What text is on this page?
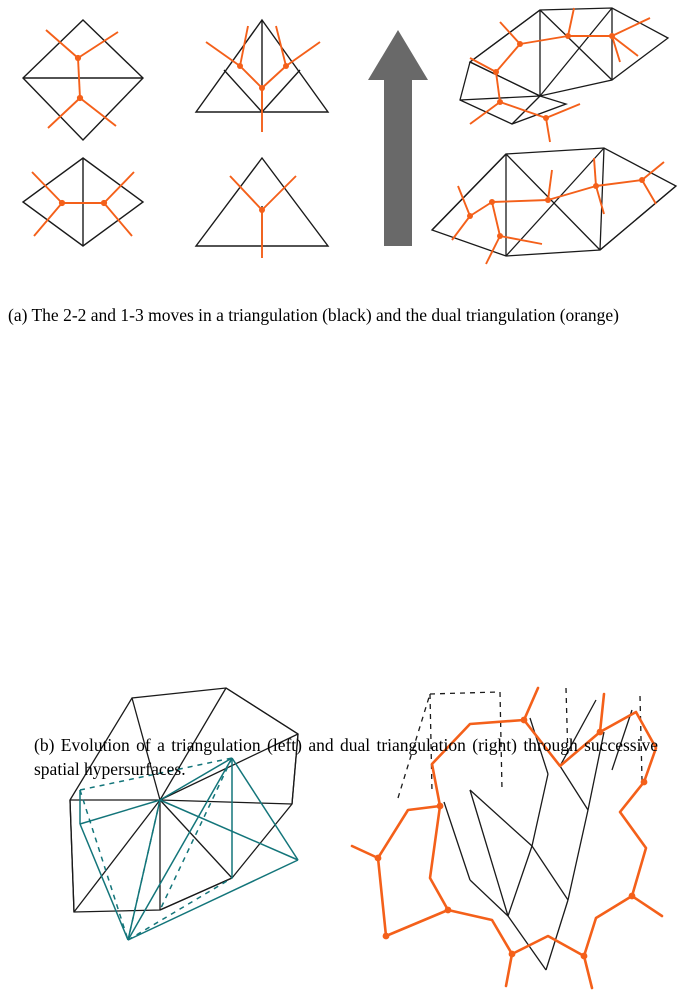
(a) The 2-2 and 1-3 moves in a triangulation (black) and the dual triangulation (orange)
(b) Evolution of a triangulation (left) and dual triangulation (right) through successive spatial hypersurfaces.
